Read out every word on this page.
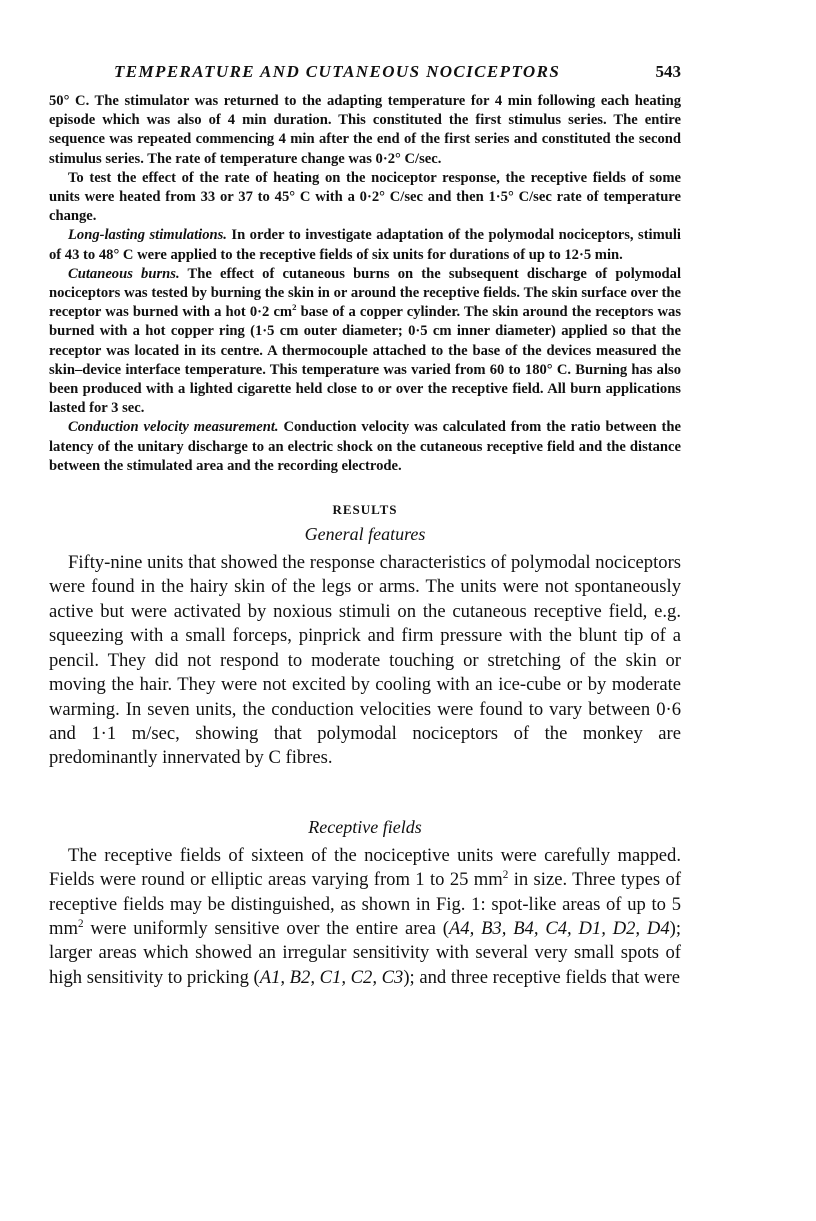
TEMPERATURE AND CUTANEOUS NOCICEPTORS	543

50° C. The stimulator was returned to the adapting temperature for 4 min following each heating episode which was also of 4 min duration. This constituted the first stimulus series. The entire sequence was repeated commencing 4 min after the end of the first series and constituted the second stimulus series. The rate of temperature change was 0·2° C/sec.

To test the effect of the rate of heating on the nociceptor response, the receptive fields of some units were heated from 33 or 37 to 45° C with a 0·2° C/sec and then 1·5° C/sec rate of temperature change.

Long-lasting stimulations. In order to investigate adaptation of the polymodal nociceptors, stimuli of 43 to 48° C were applied to the receptive fields of six units for durations of up to 12·5 min.

Cutaneous burns. The effect of cutaneous burns on the subsequent discharge of polymodal nociceptors was tested by burning the skin in or around the receptive fields. The skin surface over the receptor was burned with a hot 0·2 $cm^2$ base of a copper cylinder. The skin around the receptors was burned with a hot copper ring (1·5 cm outer diameter; 0·5 cm inner diameter) applied so that the receptor was located in its centre. A thermocouple attached to the base of the devices measured the skin–device interface temperature. This temperature was varied from 60 to 180° C. Burning has also been produced with a lighted cigarette held close to or over the receptive field. All burn applications lasted for 3 sec.

Conduction velocity measurement. Conduction velocity was calculated from the ratio between the latency of the unitary discharge to an electric shock on the cutaneous receptive field and the distance between the stimulated area and the recording electrode.

RESULTS
General features

Fifty-nine units that showed the response characteristics of polymodal nociceptors were found in the hairy skin of the legs or arms. The units were not spontaneously active but were activated by noxious stimuli on the cutaneous receptive field, e.g. squeezing with a small forceps, pinprick and firm pressure with the blunt tip of a pencil. They did not respond to moderate touching or stretching of the skin or moving the hair. They were not excited by cooling with an ice-cube or by moderate warming. In seven units, the conduction velocities were found to vary between 0·6 and 1·1 m/sec, showing that polymodal nociceptors of the monkey are predominantly innervated by C fibres.

Receptive fields

The receptive fields of sixteen of the nociceptive units were carefully mapped. Fields were round or elliptic areas varying from 1 to 25 $mm^2$ in size. Three types of receptive fields may be distinguished, as shown in Fig. 1: spot-like areas of up to 5 $mm^2$ were uniformly sensitive over the entire area (A4, B3, B4, C4, D1, D2, D4); larger areas which showed an irregular sensitivity with several very small spots of high sensitivity to pricking (A1, B2, C1, C2, C3); and three receptive fields that were
